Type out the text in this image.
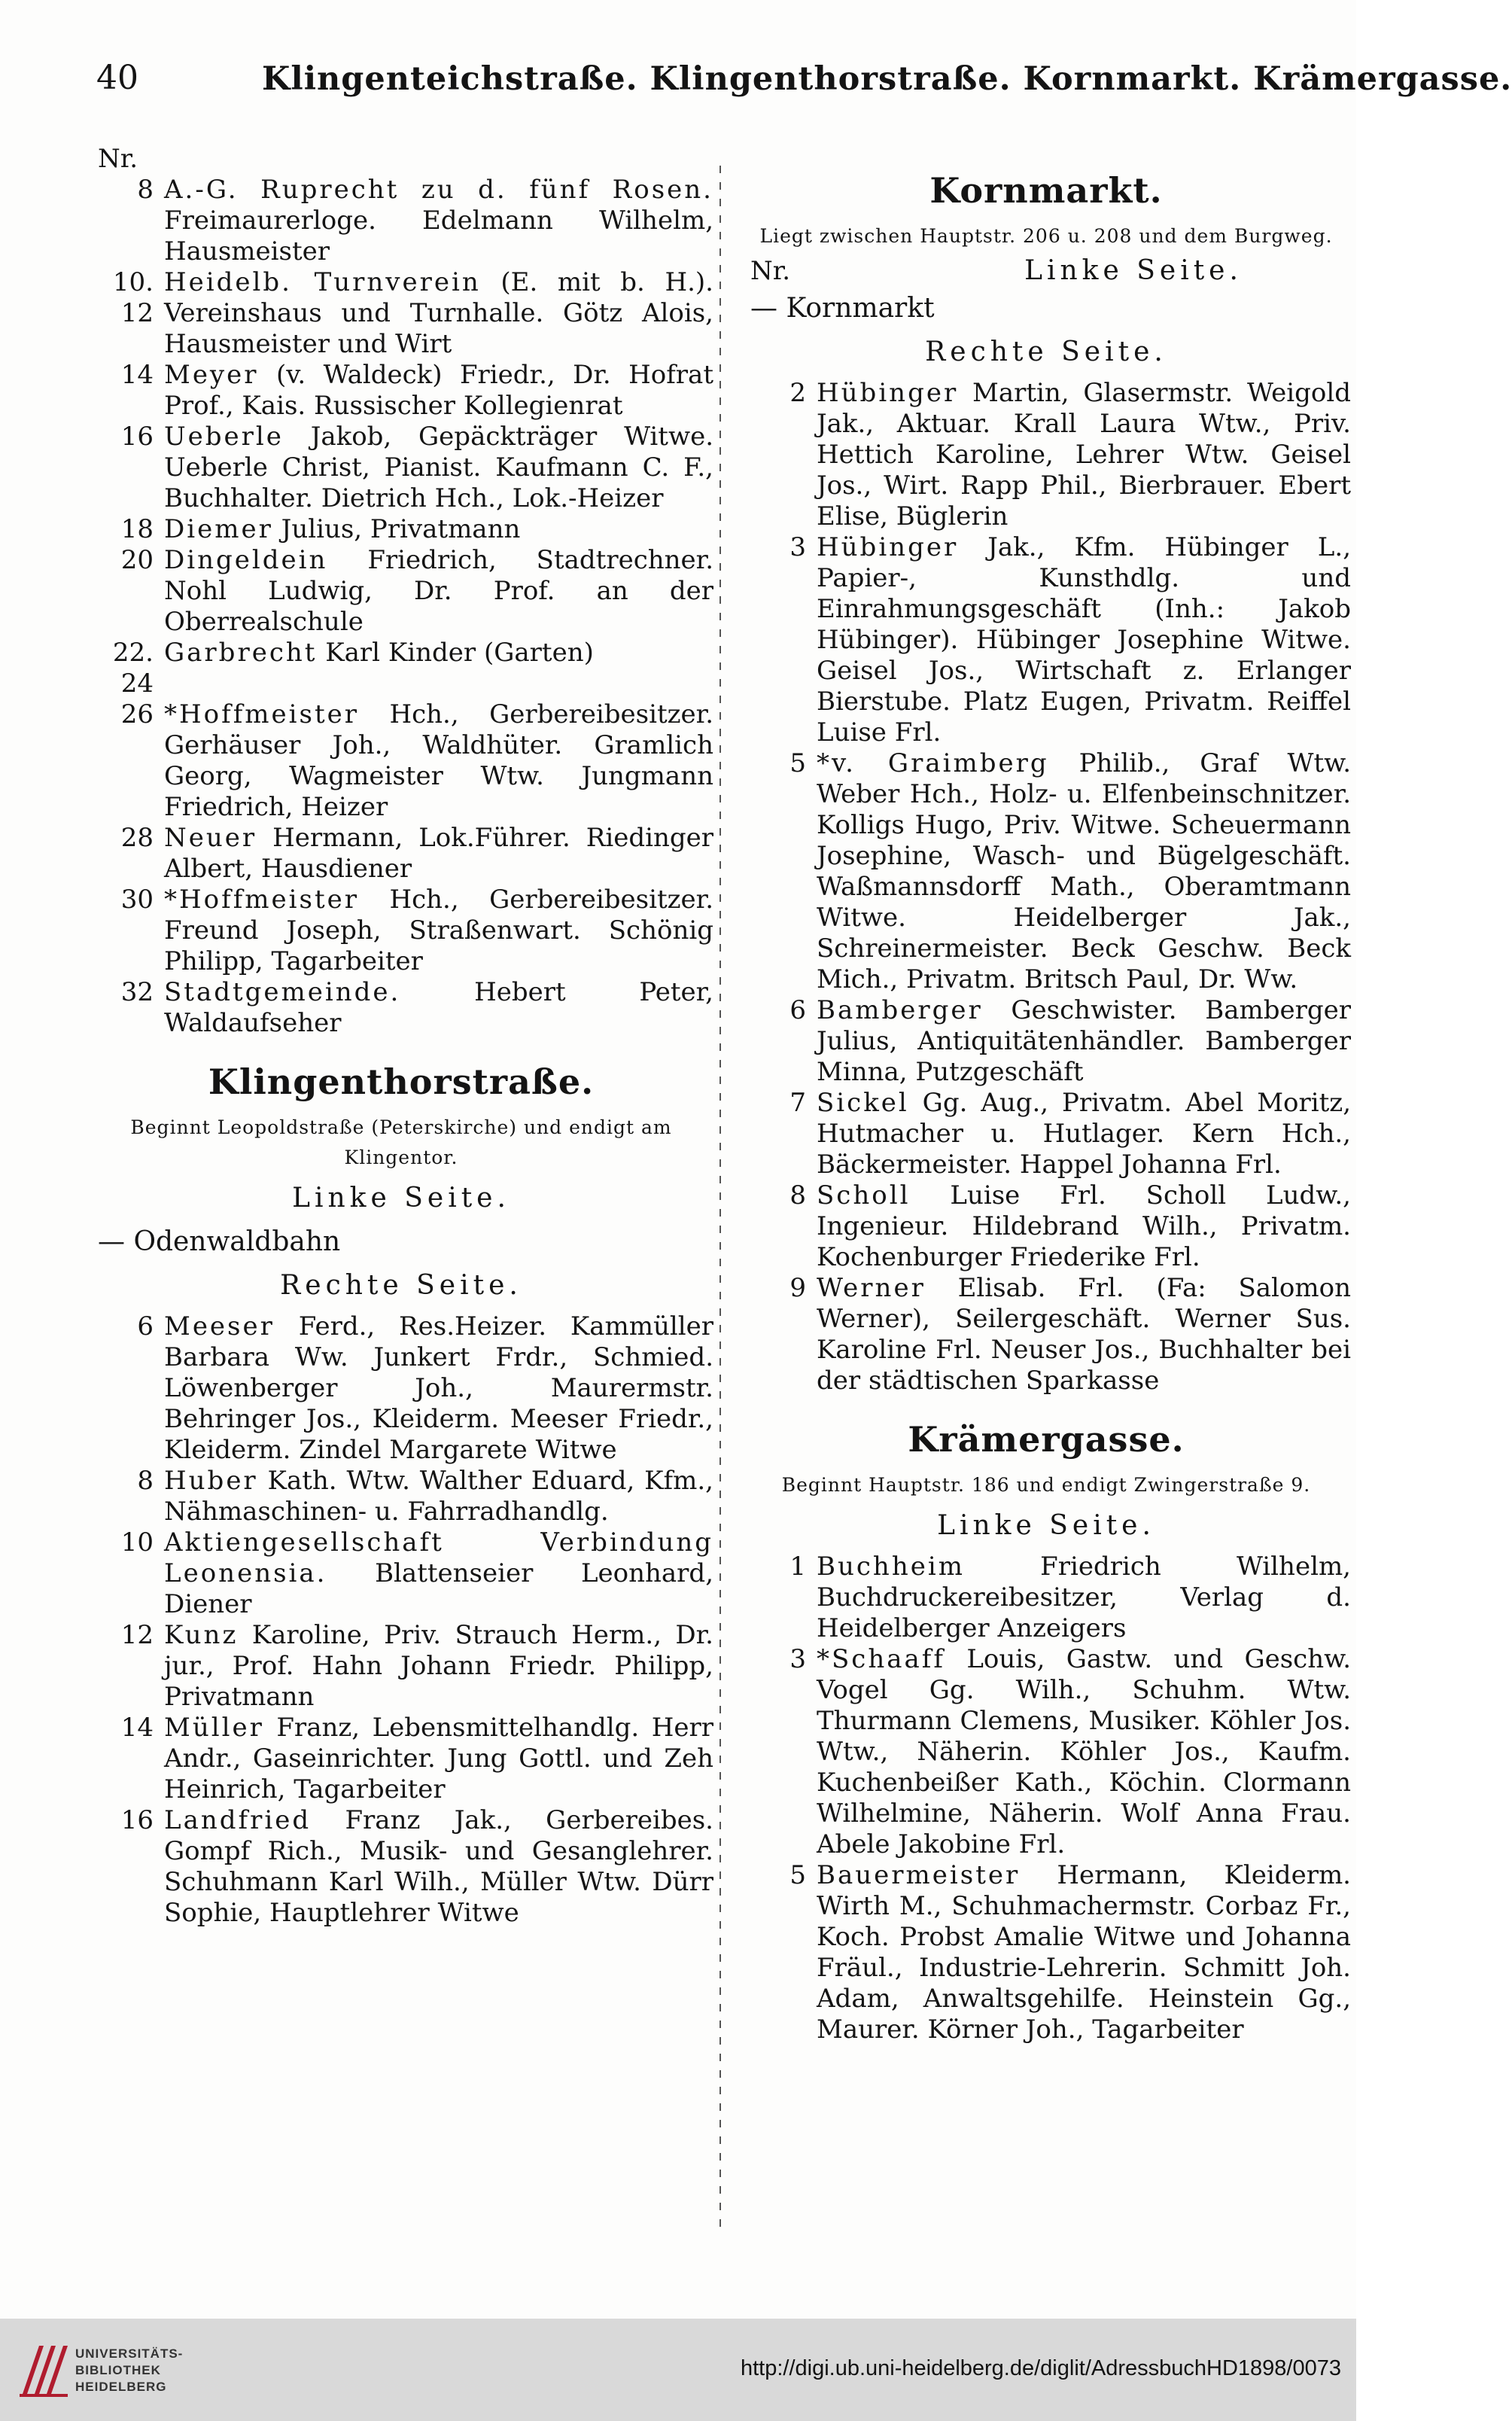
40	Klingenteichstraße. Klingenthorstraße. Kornmarkt. Krämergasse.
Nr.
8 A.-G. Ruprecht zu d. fünf Rosen. Freimaurerloge. Edelmann Wilhelm, Hausmeister
10. 12
Heidelb. Turnverein (E. mit b. H.). Vereinshaus und Turnhalle. Götz Alois, Hausmeister und Wirt
14 Meyer (v. Waldeck) Friedr., Dr. Hofrat Prof., Kais. Russischer Kollegienrat
16 Ueberle Jakob, Gepäckträger Witwe. Ueberle Christ, Pianist. Kaufmann C. F., Buchhalter. Dietrich Hch., Lok.-Heizer
18 Diemer Julius, Privatmann
20 Dingeldein Friedrich, Stadtrechner. Nohl Ludwig, Dr. Prof. an der Oberrealschule
22. 24
Garbrecht Karl Kinder (Garten)
26 *Hoffmeister Hch., Gerbereibesitzer. Gerhäuser Joh., Waldhüter. Gramlich Georg, Wagmeister Wtw. Jungmann Friedrich, Heizer
28 Neuer Hermann, Lok.Führer. Riedinger Albert, Hausdiener
30 *Hoffmeister Hch., Gerbereibesitzer. Freund Joseph, Straßenwart. Schönig Philipp, Tagarbeiter
32 Stadtgemeinde. Hebert Peter, Waldaufseher
Klingenthorstraße.
Beginnt Leopoldstraße (Peterskirche) und endigt am Klingentor.
Linke Seite.
— Odenwaldbahn
Rechte Seite.
6 Meeser Ferd., Res.Heizer. Kammüller Barbara Ww. Junkert Frdr., Schmied. Löwenberger Joh., Maurermstr. Behringer Jos., Kleiderm. Meeser Friedr., Kleiderm. Zindel Margarete Witwe
8 Huber Kath. Wtw. Walther Eduard, Kfm., Nähmaschinen- u. Fahrradhandlg.
10 Aktiengesellschaft Verbindung Leonensia. Blattenseier Leonhard, Diener
12 Kunz Karoline, Priv. Strauch Herm., Dr. jur., Prof. Hahn Johann Friedr. Philipp, Privatmann
14 Müller Franz, Lebensmittelhandlg. Herr Andr., Gaseinrichter. Jung Gottl. und Zeh Heinrich, Tagarbeiter
16 Landfried Franz Jak., Gerbereibes. Gompf Rich., Musik- und Gesanglehrer. Schuhmann Karl Wilh., Müller Wtw. Dürr Sophie, Hauptlehrer Witwe
Kornmarkt.
Liegt zwischen Hauptstr. 206 u. 208 und dem Burgweg.
Nr.	Linke Seite.
— Kornmarkt
Rechte Seite.
2 Hübinger Martin, Glasermstr. Weigold Jak., Aktuar. Krall Laura Wtw., Priv. Hettich Karoline, Lehrer Wtw. Geisel Jos., Wirt. Rapp Phil., Bierbrauer. Ebert Elise, Büglerin
3 Hübinger Jak., Kfm. Hübinger L., Papier-, Kunsthdlg. und Einrahmungsgeschäft (Inh.: Jakob Hübinger). Hübinger Josephine Witwe. Geisel Jos., Wirtschaft z. Erlanger Bierstube. Platz Eugen, Privatm. Reiffel Luise Frl.
5 *v. Graimberg Philib., Graf Wtw. Weber Hch., Holz- u. Elfenbeinschnitzer. Kolligs Hugo, Priv. Witwe. Scheuermann Josephine, Wasch- und Bügelgeschäft. Waßmannsdorff Math., Oberamtmann Witwe. Heidelberger Jak., Schreinermeister. Beck Geschw. Beck Mich., Privatm. Britsch Paul, Dr. Ww.
6 Bamberger Geschwister. Bamberger Julius, Antiquitätenhändler. Bamberger Minna, Putzgeschäft
7 Sickel Gg. Aug., Privatm. Abel Moritz, Hutmacher u. Hutlager. Kern Hch., Bäckermeister. Happel Johanna Frl.
8 Scholl Luise Frl. Scholl Ludw., Ingenieur. Hildebrand Wilh., Privatm. Kochenburger Friederike Frl.
9 Werner Elisab. Frl. (Fa: Salomon Werner), Seilergeschäft. Werner Sus. Karoline Frl. Neuser Jos., Buchhalter bei der städtischen Sparkasse
Krämergasse.
Beginnt Hauptstr. 186 und endigt Zwingerstraße 9.
Linke Seite.
1 Buchheim Friedrich Wilhelm, Buchdruckereibesitzer, Verlag d. Heidelberger Anzeigers
3 *Schaaff Louis, Gastw. und Geschw. Vogel Gg. Wilh., Schuhm. Wtw. Thurmann Clemens, Musiker. Köhler Jos. Wtw., Näherin. Köhler Jos., Kaufm. Kuchenbeißer Kath., Köchin. Clormann Wilhelmine, Näherin. Wolf Anna Frau. Abele Jakobine Frl.
5 Bauermeister Hermann, Kleiderm. Wirth M., Schuhmachermstr. Corbaz Fr., Koch. Probst Amalie Witwe und Johanna Fräul., Industrie-Lehrerin. Schmitt Joh. Adam, Anwaltsgehilfe. Heinstein Gg., Maurer. Körner Joh., Tagarbeiter
UNIVERSITÄTS-
BIBLIOTHEK
HEIDELBERG
http://digi.ub.uni-heidelberg.de/diglit/AdressbuchHD1898/0073
